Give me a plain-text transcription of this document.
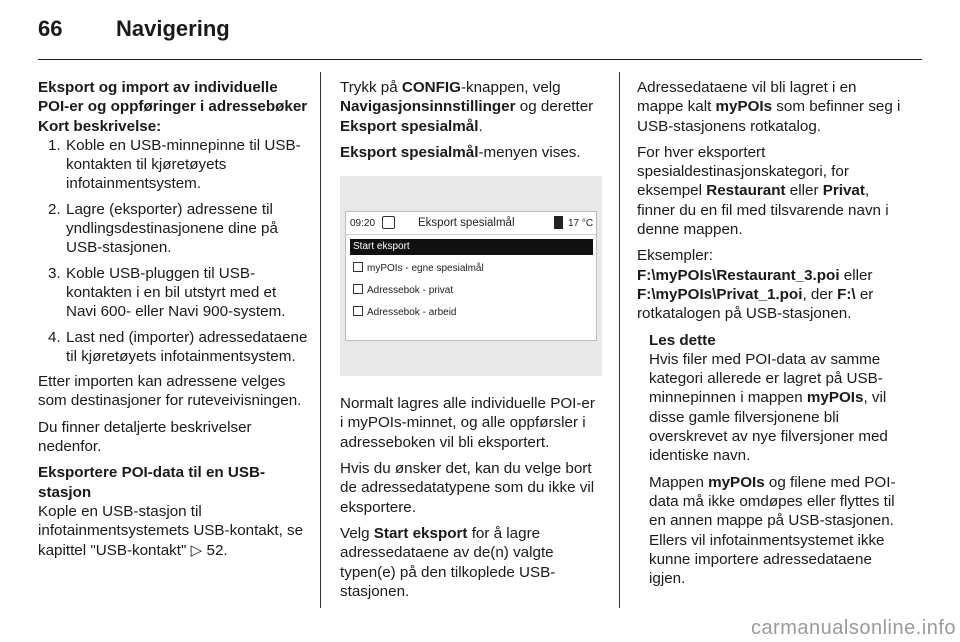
66 Navigering

Eksport og import av individuelle POI-er og oppføringer i adressebøker

Kort beskrivelse:

1. Koble en USB-minnepinne til USB-kontakten til kjøretøyets infotainmentsystem.
2. Lagre (eksporter) adressene til yndlingsdestinasjonene dine på USB-stasjonen.
3. Koble USB-pluggen til USB-kontakten i en bil utstyrt med et Navi 600- eller Navi 900-system.
4. Last ned (importer) adressedataene til kjøretøyets infotainmentsystem.

Etter importen kan adressene velges som destinasjoner for ruteveivisningen.

Du finner detaljerte beskrivelser nedenfor.

Eksportere POI-data til en USB-stasjon

Kople en USB-stasjon til infotainmentsystemets USB-kontakt, se kapittel "USB-kontakt" ▷ 52.

Trykk på CONFIG-knappen, velg Navigasjonsinnstillinger og deretter Eksport spesialmål.

Eksport spesialmål-menyen vises.

09:20	Eksport spesialmål	17 °C
Start eksport
myPOIs - egne spesialmål
Adressebok - privat
Adressebok - arbeid

Normalt lagres alle individuelle POI-er i myPOIs-minnet, og alle oppførsler i adresseboken vil bli eksportert.

Hvis du ønsker det, kan du velge bort de adressedatatypene som du ikke vil eksportere.

Velg Start eksport for å lagre adressedataene av de(n) valgte typen(e) på den tilkoplede USB-stasjonen.

Adressedataene vil bli lagret i en mappe kalt myPOIs som befinner seg i USB-stasjonens rotkatalog.

For hver eksportert spesialdestinasjonskategori, for eksempel Restaurant eller Privat, finner du en fil med tilsvarende navn i denne mappen.

Eksempler:
F:\myPOIs\Restaurant_3.poi eller
F:\myPOIs\Privat_1.poi, der F:\ er rotkatalogen på USB-stasjonen.

Les dette

Hvis filer med POI-data av samme kategori allerede er lagret på USB-minnepinnen i mappen myPOIs, vil disse gamle filversjonene bli overskrevet av nye filversjoner med identiske navn.

Mappen myPOIs og filene med POI-data må ikke omdøpes eller flyttes til en annen mappe på USB-stasjonen. Ellers vil infotainmentsystemet ikke kunne importere adressedataene igjen.

carmanualsonline.info
